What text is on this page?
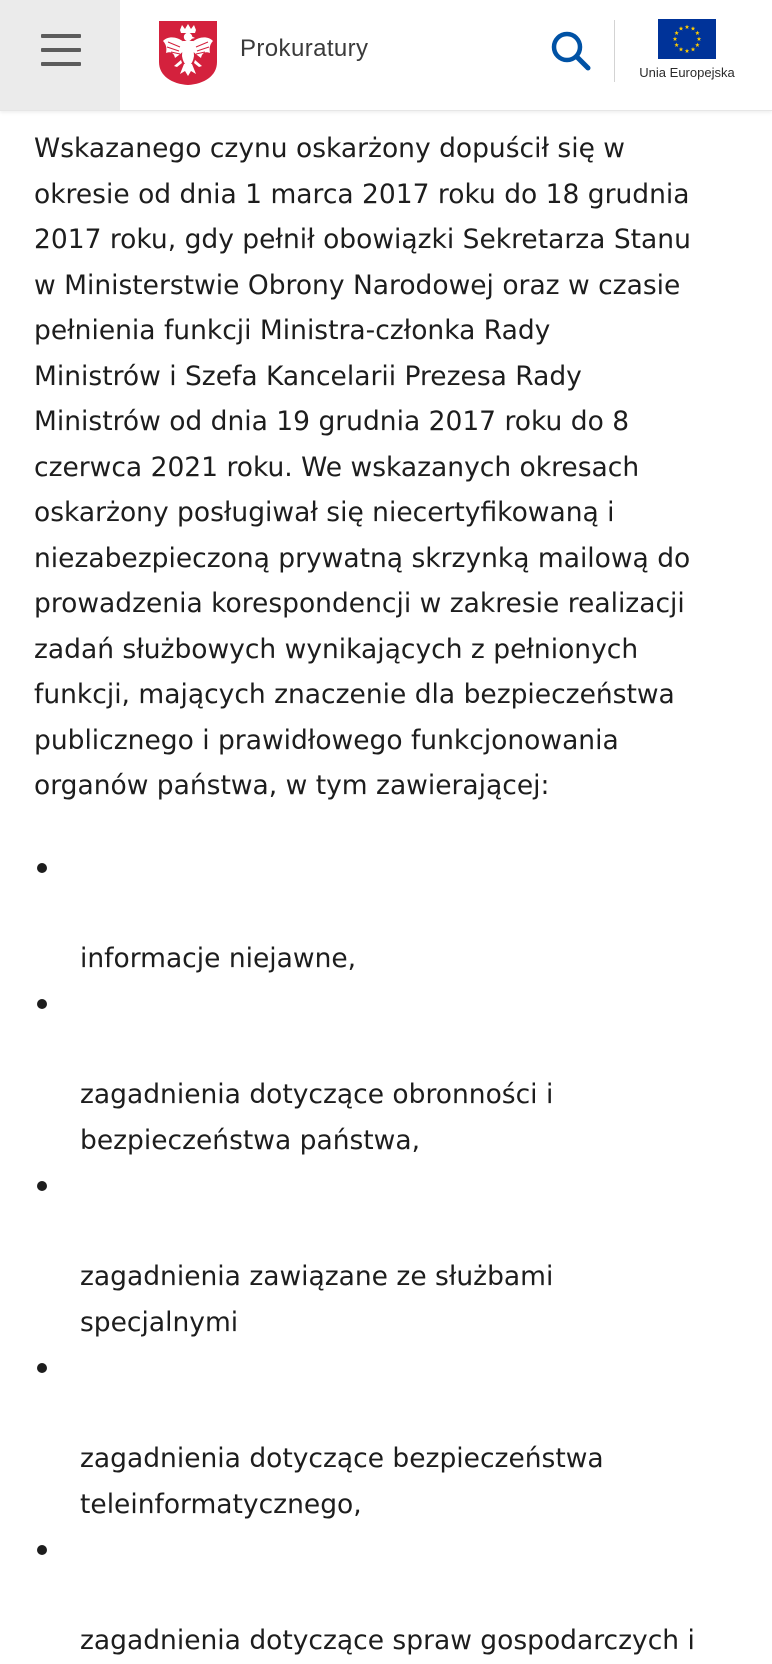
Prokuratury
Unia Europejska

Wskazanego czynu oskarżony dopuścił się w
okresie od dnia 1 marca 2017 roku do 18 grudnia
2017 roku, gdy pełnił obowiązki Sekretarza Stanu
w Ministerstwie Obrony Narodowej oraz w czasie
pełnienia funkcji Ministra-członka Rady
Ministrów i Szefa Kancelarii Prezesa Rady
Ministrów od dnia 19 grudnia 2017 roku do 8
czerwca 2021 roku. We wskazanych okresach
oskarżony posługiwał się niecertyfikowaną i
niezabezpieczoną prywatną skrzynką mailową do
prowadzenia korespondencji w zakresie realizacji
zadań służbowych wynikających z pełnionych
funkcji, mających znaczenie dla bezpieczeństwa
publicznego i prawidłowego funkcjonowania
organów państwa, w tym zawierającej:

informacje niejawne,

zagadnienia dotyczące obronności i
bezpieczeństwa państwa,

zagadnienia zawiązane ze służbami
specjalnymi

zagadnienia dotyczące bezpieczeństwa
teleinformatycznego,

zagadnienia dotyczące spraw gospodarczych i
